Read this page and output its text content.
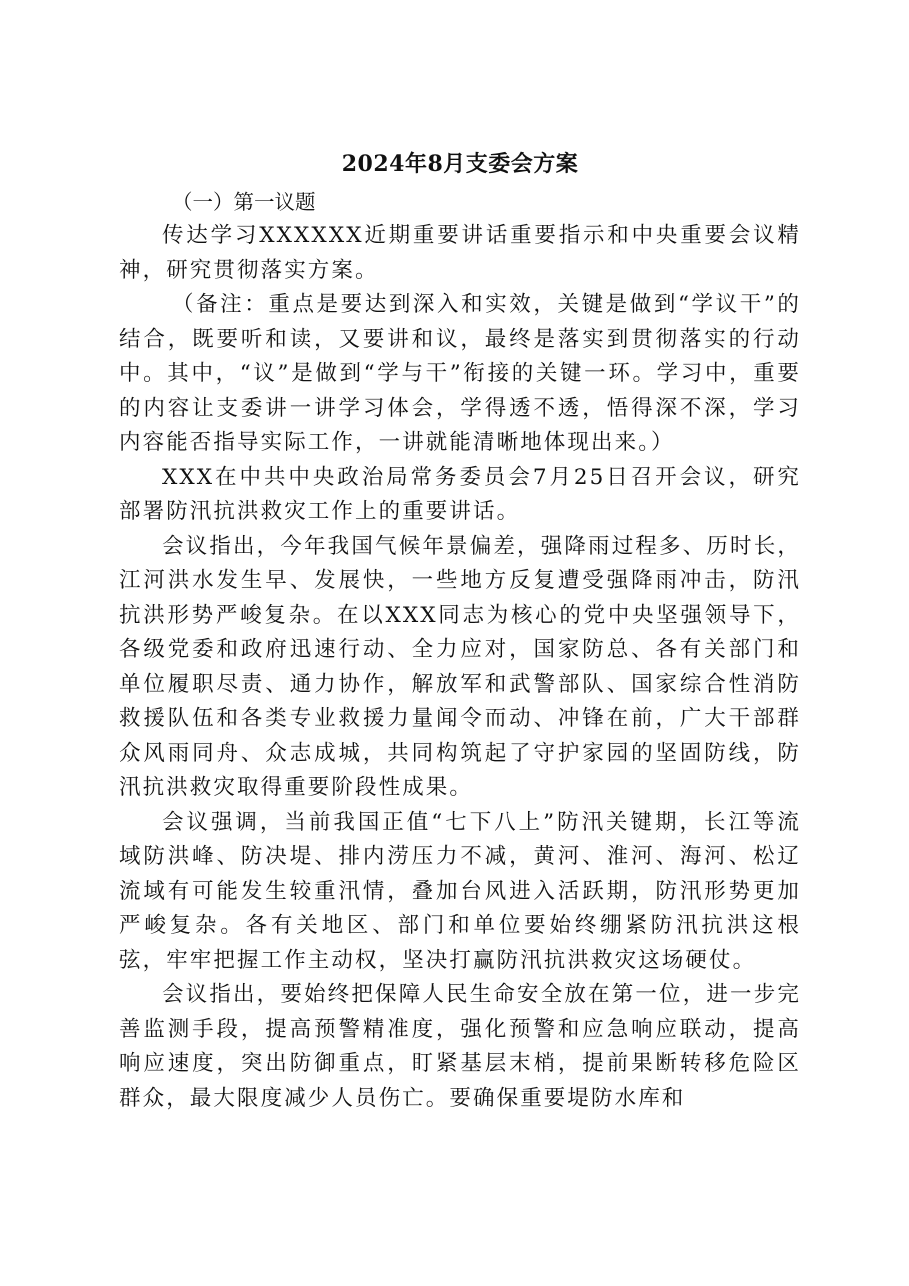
2024年8月支委会方案

（一）第一议题

传达学习XXXXXX近期重要讲话重要指示和中央重要会议精神，研究贯彻落实方案。

（备注：重点是要达到深入和实效，关键是做到“学议干”的结合，既要听和读，又要讲和议，最终是落实到贯彻落实的行动中。其中，“议”是做到“学与干”衔接的关键一环。学习中，重要的内容让支委讲一讲学习体会，学得透不透，悟得深不深，学习内容能否指导实际工作，一讲就能清晰地体现出来。）

XXX在中共中央政治局常务委员会7月25日召开会议，研究部署防汛抗洪救灾工作上的重要讲话。

会议指出，今年我国气候年景偏差，强降雨过程多、历时长，江河洪水发生早、发展快，一些地方反复遭受强降雨冲击，防汛抗洪形势严峻复杂。在以XXX同志为核心的党中央坚强领导下，各级党委和政府迅速行动、全力应对，国家防总、各有关部门和单位履职尽责、通力协作，解放军和武警部队、国家综合性消防救援队伍和各类专业救援力量闻令而动、冲锋在前，广大干部群众风雨同舟、众志成城，共同构筑起了守护家园的坚固防线，防汛抗洪救灾取得重要阶段性成果。

会议强调，当前我国正值“七下八上”防汛关键期，长江等流域防洪峰、防决堤、排内涝压力不减，黄河、淮河、海河、松辽流域有可能发生较重汛情，叠加台风进入活跃期，防汛形势更加严峻复杂。各有关地区、部门和单位要始终绷紧防汛抗洪这根弦，牢牢把握工作主动权，坚决打赢防汛抗洪救灾这场硬仗。

会议指出，要始终把保障人民生命安全放在第一位，进一步完善监测手段，提高预警精准度，强化预警和应急响应联动，提高响应速度，突出防御重点，盯紧基层末梢，提前果断转移危险区群众，最大限度减少人员伤亡。要确保重要堤防水库和
